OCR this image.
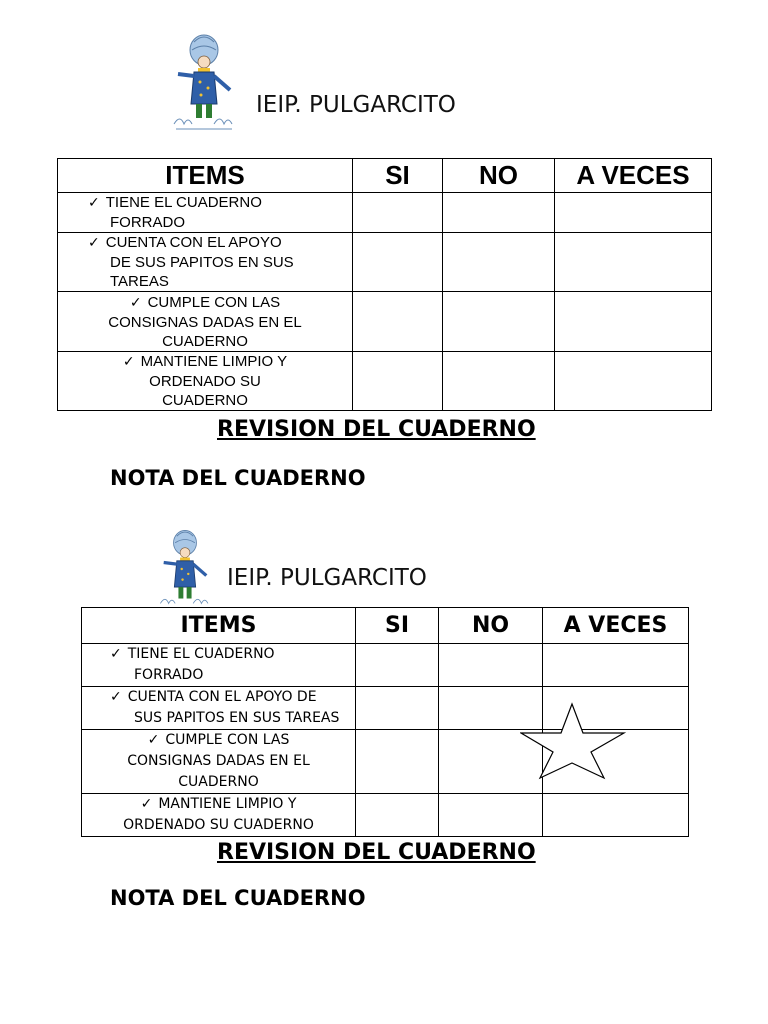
IEIP. PULGARCITO
ITEMS	SI	NO	A VECES

✓ TIENE EL CUADERNO
FORRADO			

✓ CUENTA CON EL APOYO
DE SUS PAPITOS EN SUS
TAREAS			

✓ CUMPLE CON LAS
CONSIGNAS DADAS EN EL
CUADERNO			

✓ MANTIENE LIMPIO Y
ORDENADO SU
CUADERNO			

REVISION DEL CUADERNO
NOTA DEL CUADERNO
IEIP. PULGARCITO
ITEMS	SI	NO	A VECES

✓ TIENE EL CUADERNO
FORRADO			

✓ CUENTA CON EL APOYO DE
SUS PAPITOS EN SUS TAREAS			

✓ CUMPLE CON LAS
CONSIGNAS DADAS EN EL
CUADERNO			

✓ MANTIENE LIMPIO Y
ORDENADO SU CUADERNO			

REVISION DEL CUADERNO
NOTA DEL CUADERNO
